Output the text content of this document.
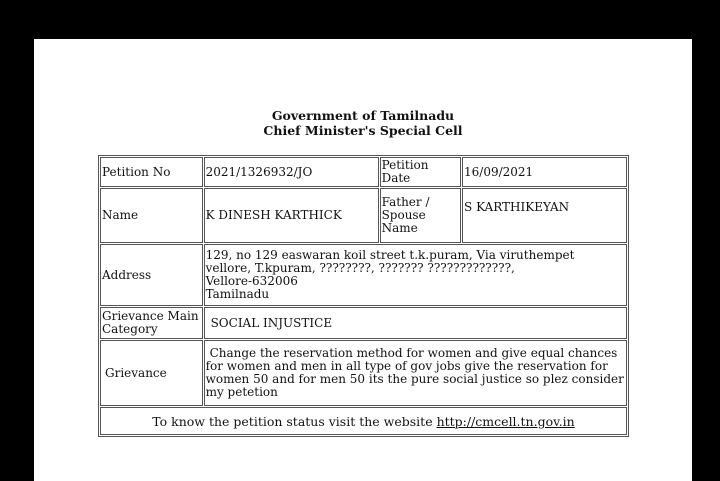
Government of Tamilnadu
Chief Minister's Special Cell
Petition No	2021/1326932/JO	Petition Date	16/09/2021
Name	K DINESH KARTHICK	Father / Spouse Name	S KARTHIKEYAN
Address	129, no 129 easwaran koil street t.k.puram, Via viruthempet
vellore, T.kpuram, ????????, ??????? ?????????????,
Vellore-632006
Tamilnadu		

Grievance Main Category	SOCIAL INJUSTICE		
Grievance	Change the reservation method for women and give equal chances for women and men in all type of gov jobs give the reservation for women 50 and for men 50 its the pure social justice so plez consider my petetion		
To know the petition status visit the website http://cmcell.tn.gov.in			
